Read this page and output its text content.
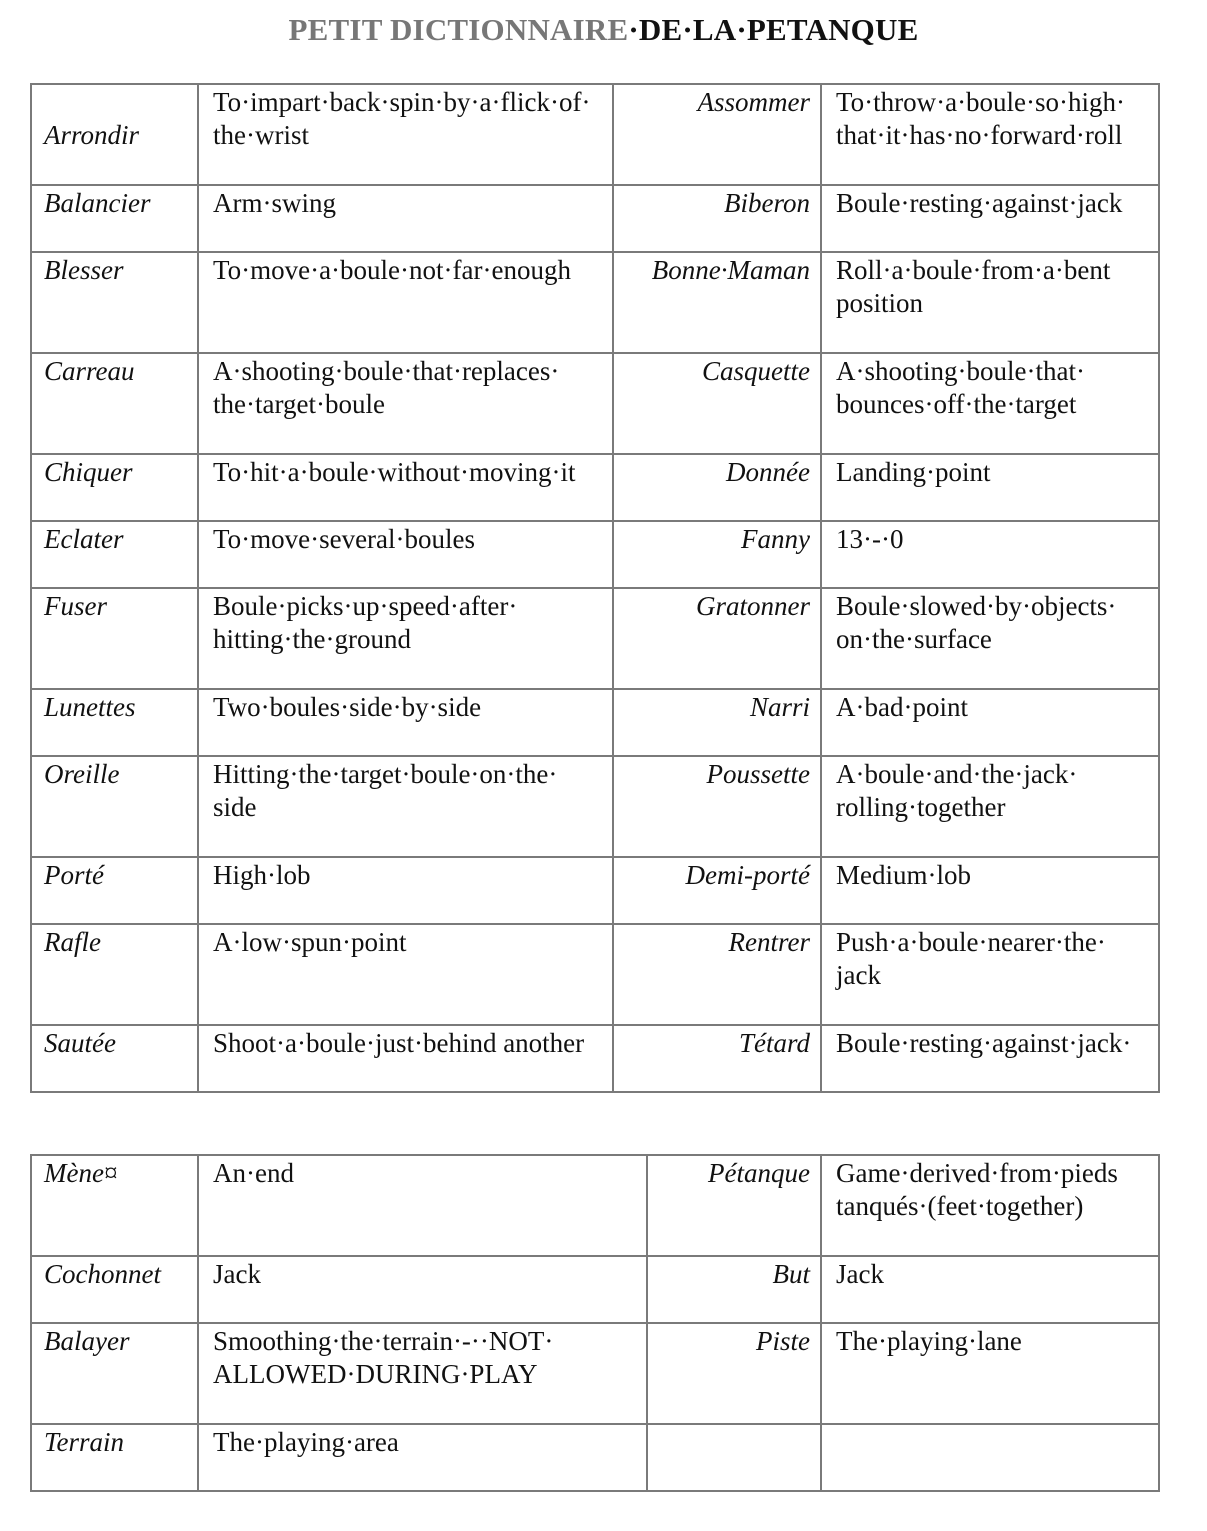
PETIT DICTIONNAIRE·DE·LA·PETANQUE
Arrondir	To·impart·back·spin·by·a·flick·of· the·wrist	Assommer	To·throw·a·boule·so·high· that·it·has·no·forward·roll
Balancier	Arm·swing	Biberon	Boule·resting·against·jack
Blesser	To·move·a·boule·not·far·enough	Bonne·Maman	Roll·a·boule·from·a·bent position
Carreau	A·shooting·boule·that·replaces· the·target·boule	Casquette	A·shooting·boule·that· bounces·off·the·target
Chiquer	To·hit·a·boule·without·moving·it	Donnée	Landing·point
Eclater	To·move·several·boules	Fanny	13·-·0
Fuser	Boule·picks·up·speed·after· hitting·the·ground	Gratonner	Boule·slowed·by·objects· on·the·surface
Lunettes	Two·boules·side·by·side	Narri	A·bad·point
Oreille	Hitting·the·target·boule·on·the· side	Poussette	A·boule·and·the·jack· rolling·together
Porté	High·lob	Demi-porté	Medium·lob
Rafle	A·low·spun·point	Rentrer	Push·a·boule·nearer·the· jack
Sautée	Shoot·a·boule·just·behind another	Tétard	Boule·resting·against·jack·
Mène¤	An·end	Pétanque	Game·derived·from·pieds tanqués·(feet·together)
Cochonnet	Jack	But	Jack
Balayer	Smoothing·the·terrain·-··NOT· ALLOWED·DURING·PLAY	Piste	The·playing·lane
Terrain	The·playing·area		
